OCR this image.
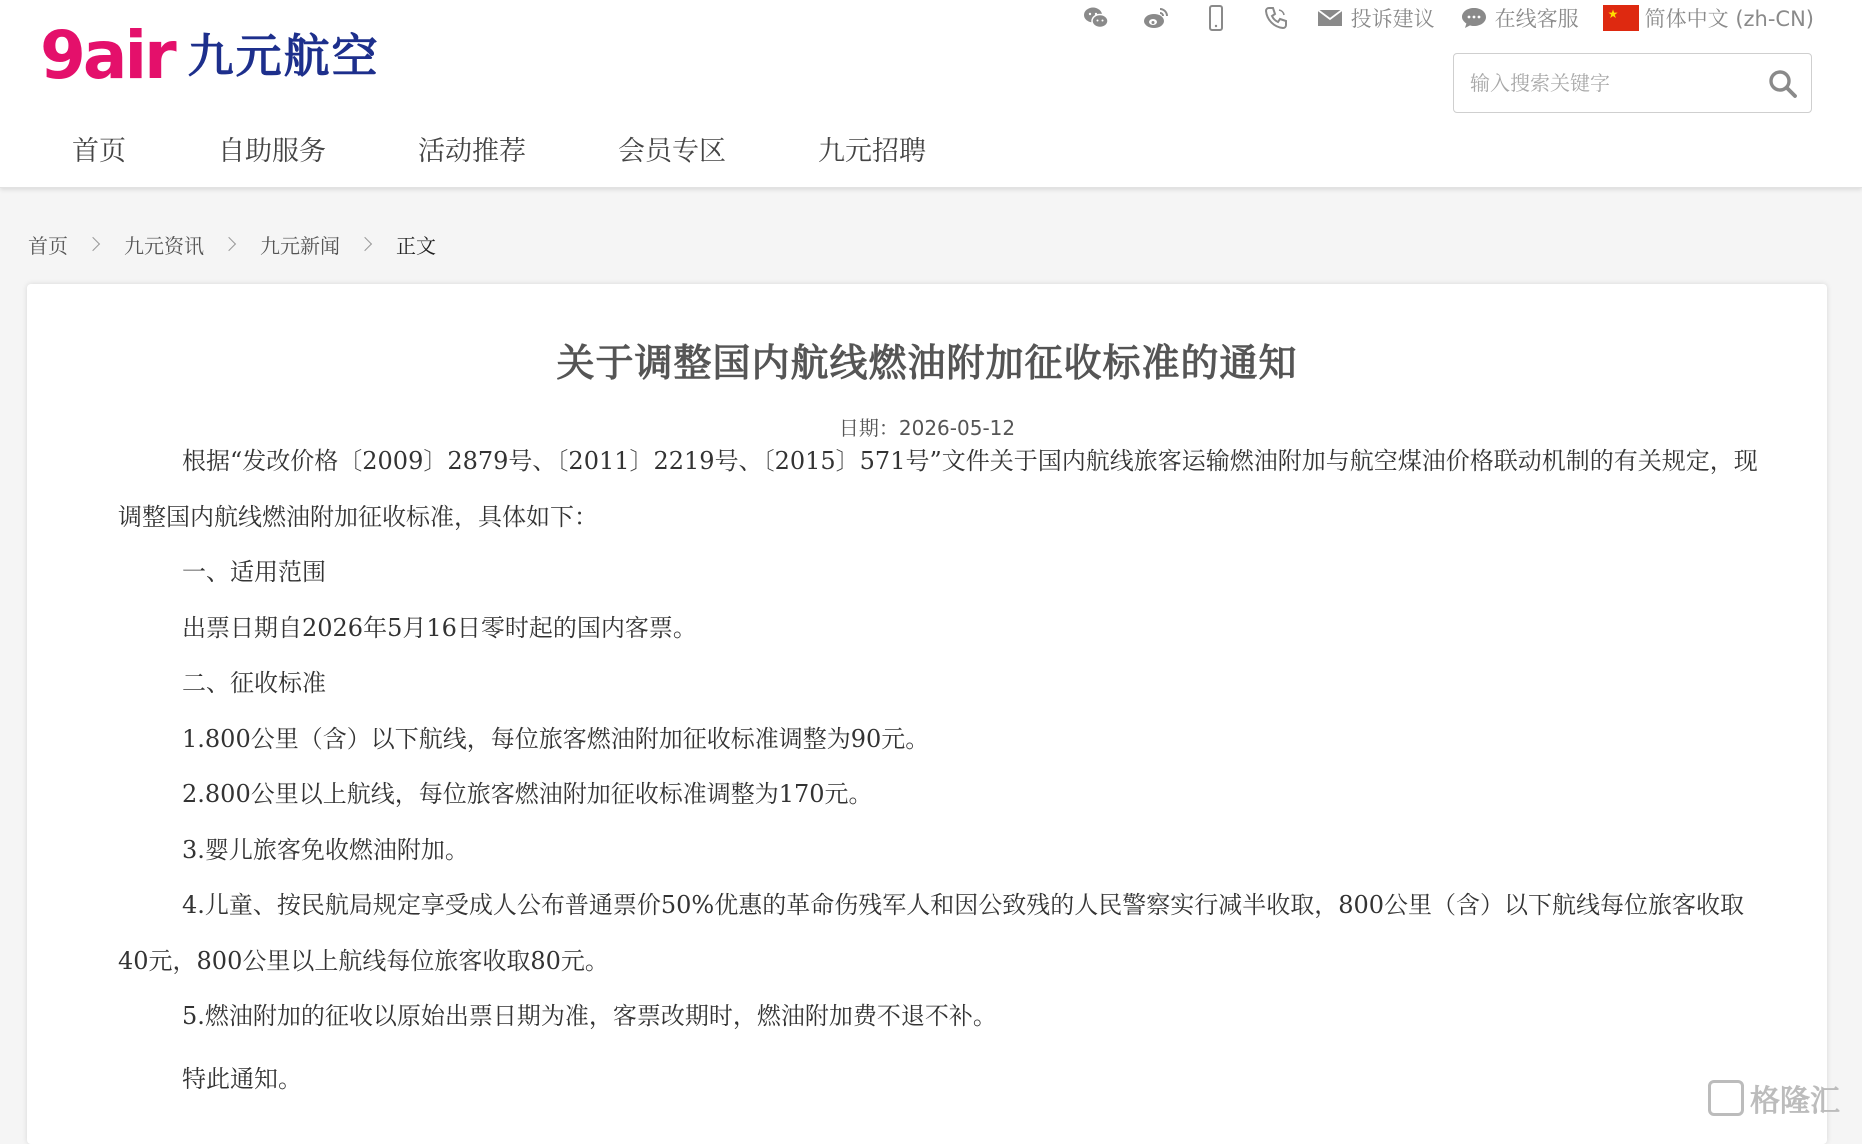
9air 九元航空
投诉建议	在线客服 ★ 简体中文 (zh-CN)
输入搜索关键字
首页	自助服务	活动推荐	会员专区	九元招聘
首页	九元资讯	九元新闻	正文
关于调整国内航线燃油附加征收标准的通知
日期：2026-05-12

根据“发改价格〔2009〕2879号、〔2011〕2219号、〔2015〕571号”文件关于国内航线旅客运输燃油附加与航空煤油价格联动机制的有关规定，现调整国内航线燃油附加征收标准，具体如下：

一、适用范围

出票日期自2026年5月16日零时起的国内客票。

二、征收标准

1.800公里（含）以下航线，每位旅客燃油附加征收标准调整为90元。

2.800公里以上航线，每位旅客燃油附加征收标准调整为170元。

3.婴儿旅客免收燃油附加。

4.儿童、按民航局规定享受成人公布普通票价50%优惠的革命伤残军人和因公致残的人民警察实行减半收取，800公里（含）以下航线每位旅客收取40元，800公里以上航线每位旅客收取80元。

5.燃油附加的征收以原始出票日期为准，客票改期时，燃油附加费不退不补。

特此通知。

格隆汇
